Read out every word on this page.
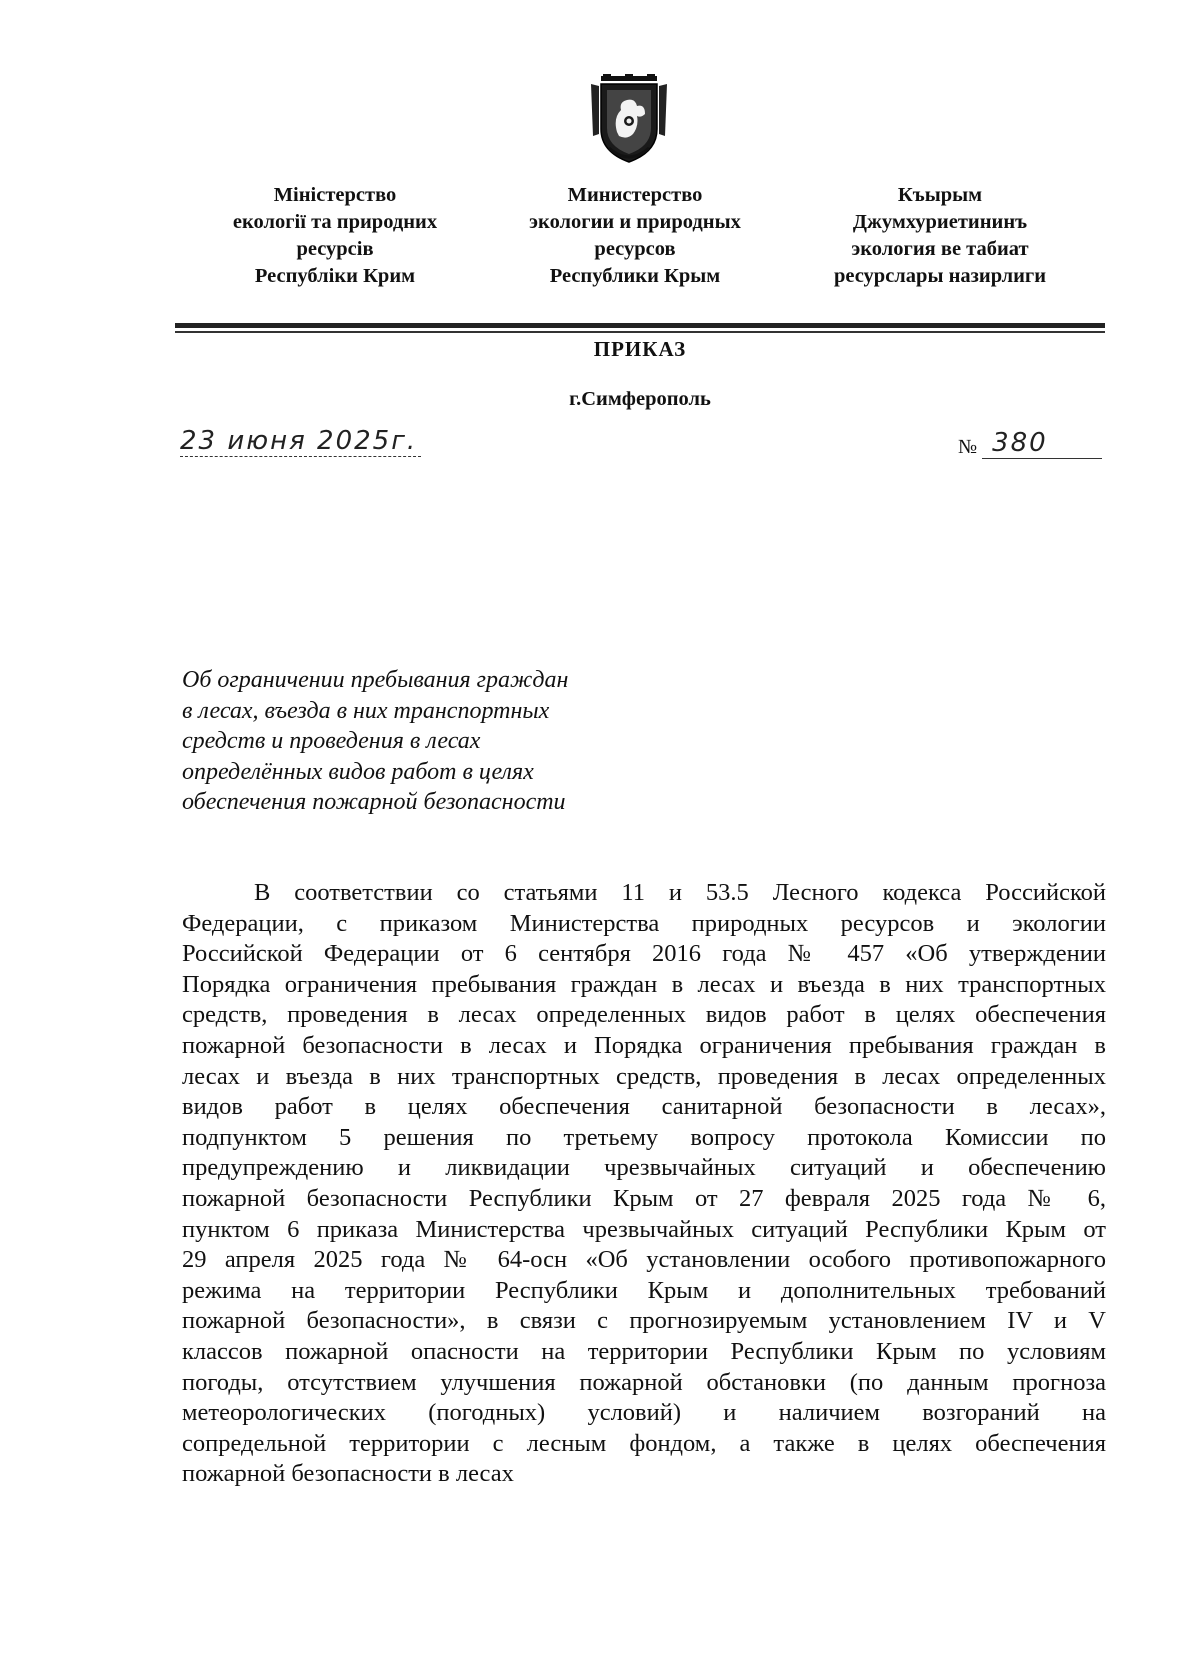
Міністерство
екології та природних
ресурсів
Республіки Крим
Министерство
экологии и природных
ресурсов
Республики Крым
Къырым
Джумхуриетининъ
экология ве табиат
ресурслары назирлиги
ПРИКАЗ
г.Симферополь
23 июня 2025г.	№ 380
Об ограничении пребывания граждан
в лесах, въезда в них транспортных
средств и проведения в лесах
определённых видов работ в целях
обеспечения пожарной безопасности
В соответствии со статьями 11 и 53.5 Лесного кодекса Российской
Федерации, с приказом Министерства природных ресурсов и экологии
Российской Федерации от 6 сентября 2016 года № 457 «Об утверждении
Порядка ограничения пребывания граждан в лесах и въезда в них транспортных
средств, проведения в лесах определенных видов работ в целях обеспечения
пожарной безопасности в лесах и Порядка ограничения пребывания граждан в
лесах и въезда в них транспортных средств, проведения в лесах определенных
видов работ в целях обеспечения санитарной безопасности в лесах»,
подпунктом 5 решения по третьему вопросу протокола Комиссии по
предупреждению и ликвидации чрезвычайных ситуаций и обеспечению
пожарной безопасности Республики Крым от 27 февраля 2025 года № 6,
пунктом 6 приказа Министерства чрезвычайных ситуаций Республики Крым от
29 апреля 2025 года № 64-осн «Об установлении особого противопожарного
режима на территории Республики Крым и дополнительных требований
пожарной безопасности», в связи с прогнозируемым установлением IV и V
классов пожарной опасности на территории Республики Крым по условиям
погоды, отсутствием улучшения пожарной обстановки (по данным прогноза
метеорологических (погодных) условий) и наличием возгораний на
сопредельной территории с лесным фондом, а также в целях обеспечения
пожарной безопасности в лесах
